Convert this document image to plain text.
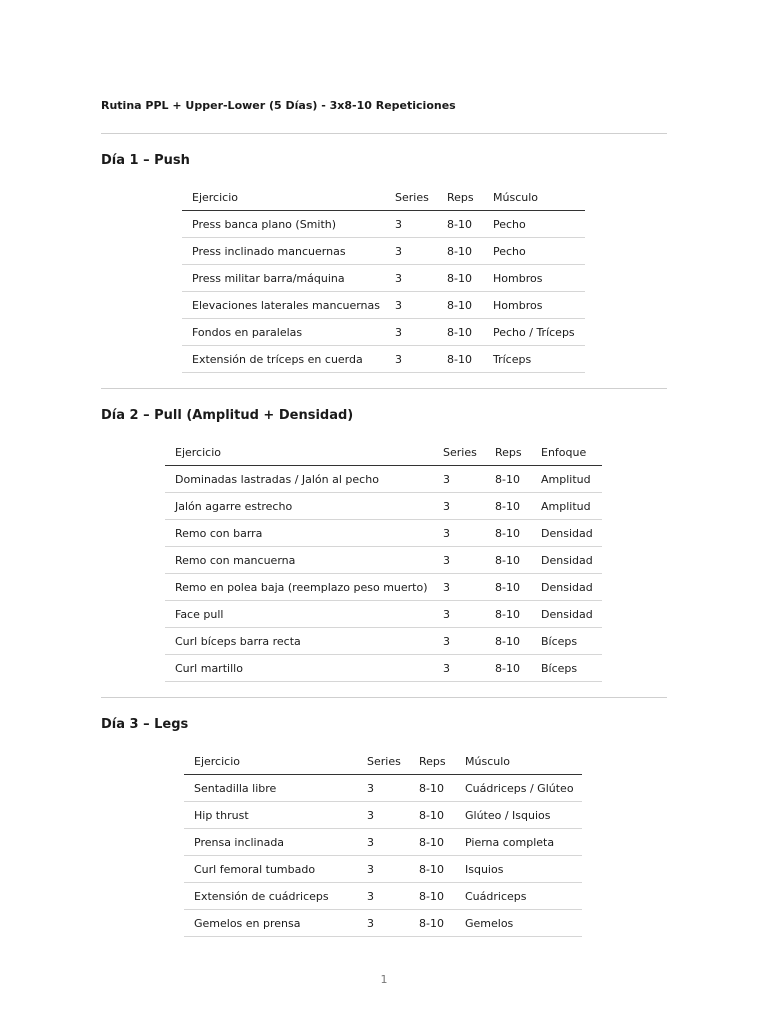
Rutina PPL + Upper-Lower (5 Días) - 3x8-10 Repeticiones
Día 1 – Push
Ejercicio	Series	Reps	Músculo
Press banca plano (Smith)	3	8-10	Pecho
Press inclinado mancuernas	3	8-10	Pecho
Press militar barra/máquina	3	8-10	Hombros
Elevaciones laterales mancuernas	3	8-10	Hombros
Fondos en paralelas	3	8-10	Pecho / Tríceps
Extensión de tríceps en cuerda	3	8-10	Tríceps
Día 2 – Pull (Amplitud + Densidad)
Ejercicio	Series	Reps	Enfoque
Dominadas lastradas / Jalón al pecho	3	8-10	Amplitud
Jalón agarre estrecho	3	8-10	Amplitud
Remo con barra	3	8-10	Densidad
Remo con mancuerna	3	8-10	Densidad
Remo en polea baja (reemplazo peso muerto)	3	8-10	Densidad
Face pull	3	8-10	Densidad
Curl bíceps barra recta	3	8-10	Bíceps
Curl martillo	3	8-10	Bíceps
Día 3 – Legs
Ejercicio	Series	Reps	Músculo
Sentadilla libre	3	8-10	Cuádriceps / Glúteo
Hip thrust	3	8-10	Glúteo / Isquios
Prensa inclinada	3	8-10	Pierna completa
Curl femoral tumbado	3	8-10	Isquios
Extensión de cuádriceps	3	8-10	Cuádriceps
Gemelos en prensa	3	8-10	Gemelos
1
